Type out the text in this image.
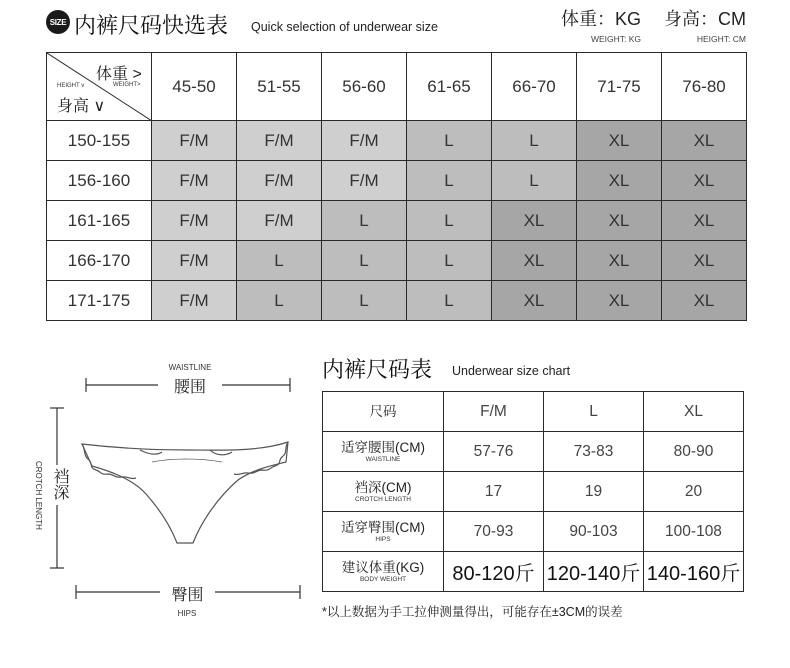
SIZE 内裤尺码快选表 Quick selection of underwear size	体重：KG
WEIGHT: KG
身高：CM
HEIGHT: CM
体重 >
WEIGHT>
HEIGHT v
身高 ∨	45-50	51-55	56-60	61-65	66-70	71-75	76-80
150-155	F/M	F/M	F/M	L	L	XL	XL
156-160	F/M	F/M	F/M	L	L	XL	XL
161-165	F/M	F/M	L	L	XL	XL	XL
166-170	F/M	L	L	L	XL	XL	XL
171-175	F/M	L	L	L	XL	XL	XL
WAISTLINE
腰围
CROTCH LENGTH 裆深
臀围
HIPS
内裤尺码表 Underwear size chart
尺码	F/M	L	XL
适穿腰围(CM)
WAISTLINE	57-76	73-83	80-90
裆深(CM)
CROTCH LENGTH	17	19	20
适穿臀围(CM)
HIPS	70-93	90-103	100-108
建议体重(KG)
BODY WEIGHT	80-120斤	120-140斤	140-160斤
*以上数据为手工拉伸测量得出，可能存在±3CM的误差
